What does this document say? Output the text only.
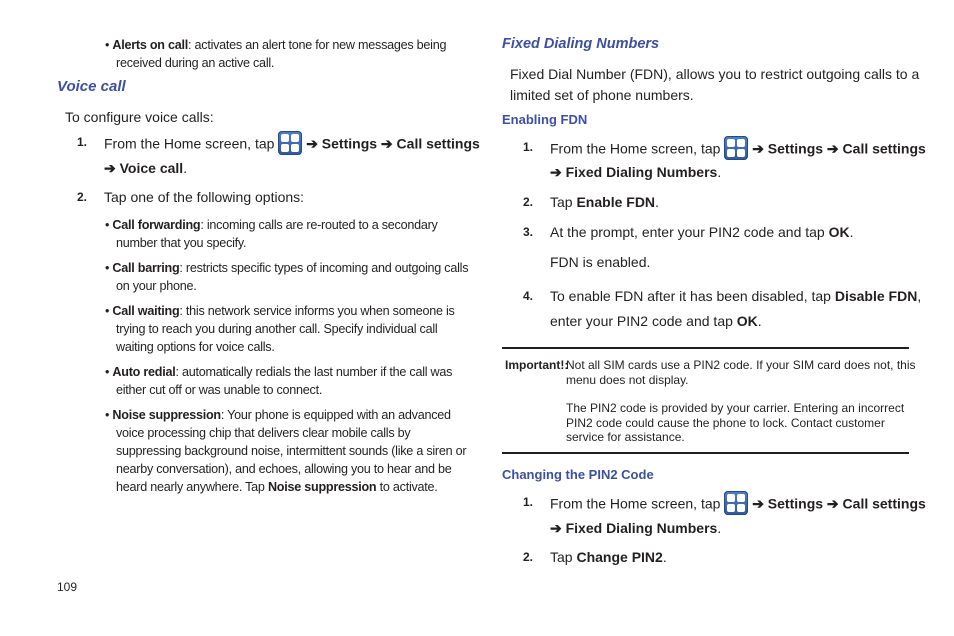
• Alerts on call: activates an alert tone for new messages being
received during an active call.
Voice call
To configure voice calls:
1. From the Home screen, tap ➔ Settings ➔ Call settings
➔ Voice call.
2. Tap one of the following options:
• Call forwarding: incoming calls are re-routed to a secondary
number that you specify.
• Call barring: restricts specific types of incoming and outgoing calls
on your phone.
• Call waiting: this network service informs you when someone is
trying to reach you during another call. Specify individual call
waiting options for voice calls.
• Auto redial: automatically redials the last number if the call was
either cut off or was unable to connect.
• Noise suppression: Your phone is equipped with an advanced
voice processing chip that delivers clear mobile calls by
suppressing background noise, intermittent sounds (like a siren or
nearby conversation), and echoes, allowing you to hear and be
heard nearly anywhere. Tap Noise suppression to activate.
109
Fixed Dialing Numbers
Fixed Dial Number (FDN), allows you to restrict outgoing calls to a
limited set of phone numbers.
Enabling FDN
1. From the Home screen, tap ➔ Settings ➔ Call settings
➔ Fixed Dialing Numbers.
2. Tap Enable FDN.
3. At the prompt, enter your PIN2 code and tap OK.
FDN is enabled.
4. To enable FDN after it has been disabled, tap Disable FDN,
enter your PIN2 code and tap OK.
Important!:
Not all SIM cards use a PIN2 code. If your SIM card does not, this
menu does not display.
The PIN2 code is provided by your carrier. Entering an incorrect
PIN2 code could cause the phone to lock. Contact customer
service for assistance.
Changing the PIN2 Code
1. From the Home screen, tap ➔ Settings ➔ Call settings
➔ Fixed Dialing Numbers.
2. Tap Change PIN2.
